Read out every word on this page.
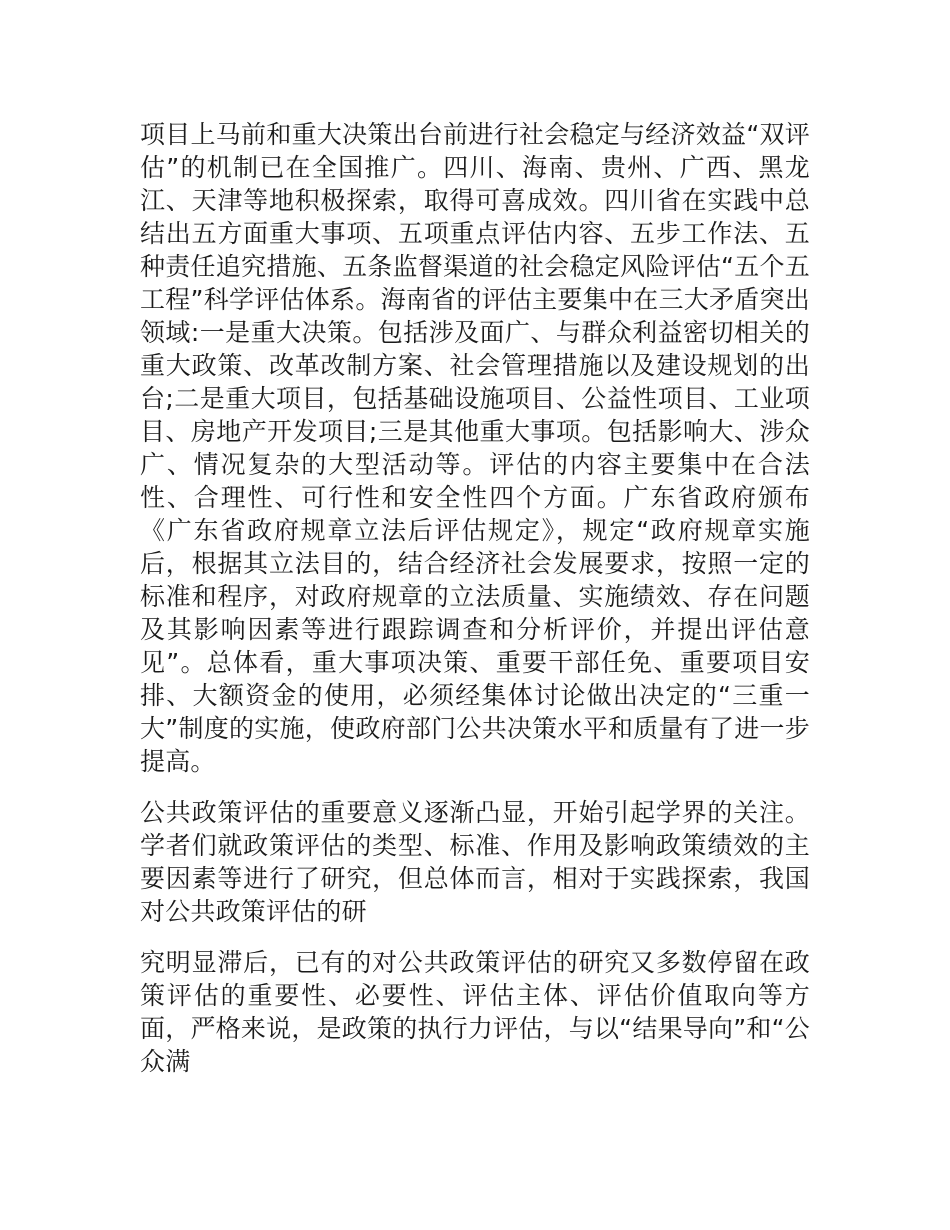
项目上马前和重大决策出台前进行社会稳定与经济效益“双评估”的机制已在全国推广。四川、海南、贵州、广西、黑龙江、天津等地积极探索，取得可喜成效。四川省在实践中总结出五方面重大事项、五项重点评估内容、五步工作法、五种责任追究措施、五条监督渠道的社会稳定风险评估“五个五工程”科学评估体系。海南省的评估主要集中在三大矛盾突出领域:一是重大决策。包括涉及面广、与群众利益密切相关的重大政策、改革改制方案、社会管理措施以及建设规划的出台;二是重大项目，包括基础设施项目、公益性项目、工业项目、房地产开发项目;三是其他重大事项。包括影响大、涉众广、情况复杂的大型活动等。评估的内容主要集中在合法性、合理性、可行性和安全性四个方面。广东省政府颁布《广东省政府规章立法后评估规定》，规定“政府规章实施后，根据其立法目的，结合经济社会发展要求，按照一定的标准和程序，对政府规章的立法质量、实施绩效、存在问题及其影响因素等进行跟踪调查和分析评价，并提出评估意见”。总体看，重大事项决策、重要干部任免、重要项目安排、大额资金的使用，必须经集体讨论做出决定的“三重一大”制度的实施，使政府部门公共决策水平和质量有了进一步提高。

公共政策评估的重要意义逐渐凸显，开始引起学界的关注。学者们就政策评估的类型、标准、作用及影响政策绩效的主要因素等进行了研究，但总体而言，相对于实践探索，我国对公共政策评估的研

究明显滞后，已有的对公共政策评估的研究又多数停留在政策评估的重要性、必要性、评估主体、评估价值取向等方面，严格来说，是政策的执行力评估，与以“结果导向”和“公众满
